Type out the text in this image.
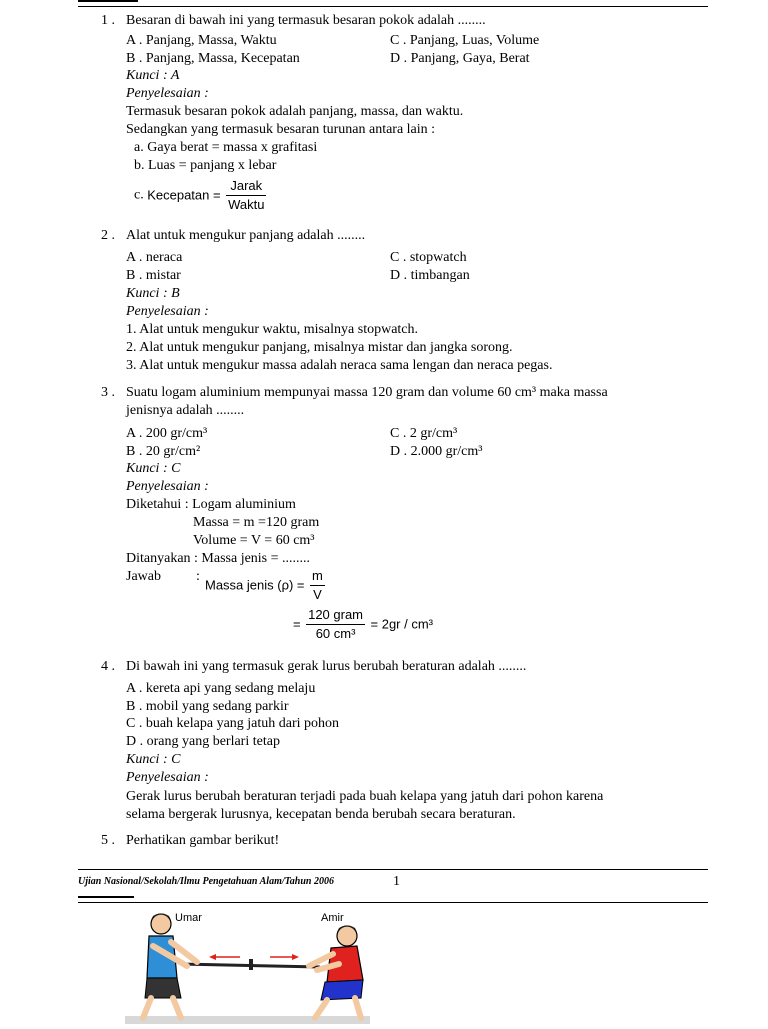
1 . Besaran di bawah ini yang termasuk besaran pokok adalah ........
A . Panjang, Massa, Waktu	C . Panjang, Luas, Volume
B . Panjang, Massa, Kecepatan	D . Panjang, Gaya, Berat
Kunci : A
Penyelesaian :
Termasuk besaran pokok adalah panjang, massa, dan waktu.
Sedangkan yang termasuk besaran turunan antara lain :
a. Gaya berat = massa x grafitasi
b. Luas = panjang x lebar
c. Kecepatan = $\frac{\text{Jarak}}{\text{Waktu}}$
2 . Alat untuk mengukur panjang adalah ........
A . neraca	C . stopwatch
B . mistar	D . timbangan
Kunci : B
Penyelesaian :
1. Alat untuk mengukur waktu, misalnya stopwatch.
2. Alat untuk mengukur panjang, misalnya mistar dan jangka sorong.
3. Alat untuk mengukur massa adalah neraca sama lengan dan neraca pegas.
3 . Suatu logam aluminium mempunyai massa 120 gram dan volume 60 cm³ maka massa
jenisnya adalah ........
A . 200 gr/cm³	C . 2 gr/cm³
B . 20 gr/cm²	D . 2.000 gr/cm³
Kunci : C
Penyelesaian :
Diketahui : Logam aluminium
Massa = m =120 gram
Volume = V = 60 cm³
Ditanyakan : Massa jenis = ........
Jawab	:
Massa jenis $(\rho) = \frac{m}{V}$
= $\frac{\text{120 gram}}{\text{60 cm³}} = 2gr / cm^3$
4 . Di bawah ini yang termasuk gerak lurus berubah beraturan adalah ........
A . kereta api yang sedang melaju
B . mobil yang sedang parkir
C . buah kelapa yang jatuh dari pohon
D . orang yang berlari tetap
Kunci : C
Penyelesaian :
Gerak lurus berubah beraturan terjadi pada buah kelapa yang jatuh dari pohon karena
selama bergerak lurusnya, kecepatan benda berubah secara beraturan.
5 . Perhatikan gambar berikut!
Ujian Nasional/Sekolah/Ilmu Pengetahuan Alam/Tahun 2006	1
Umar	Amir
